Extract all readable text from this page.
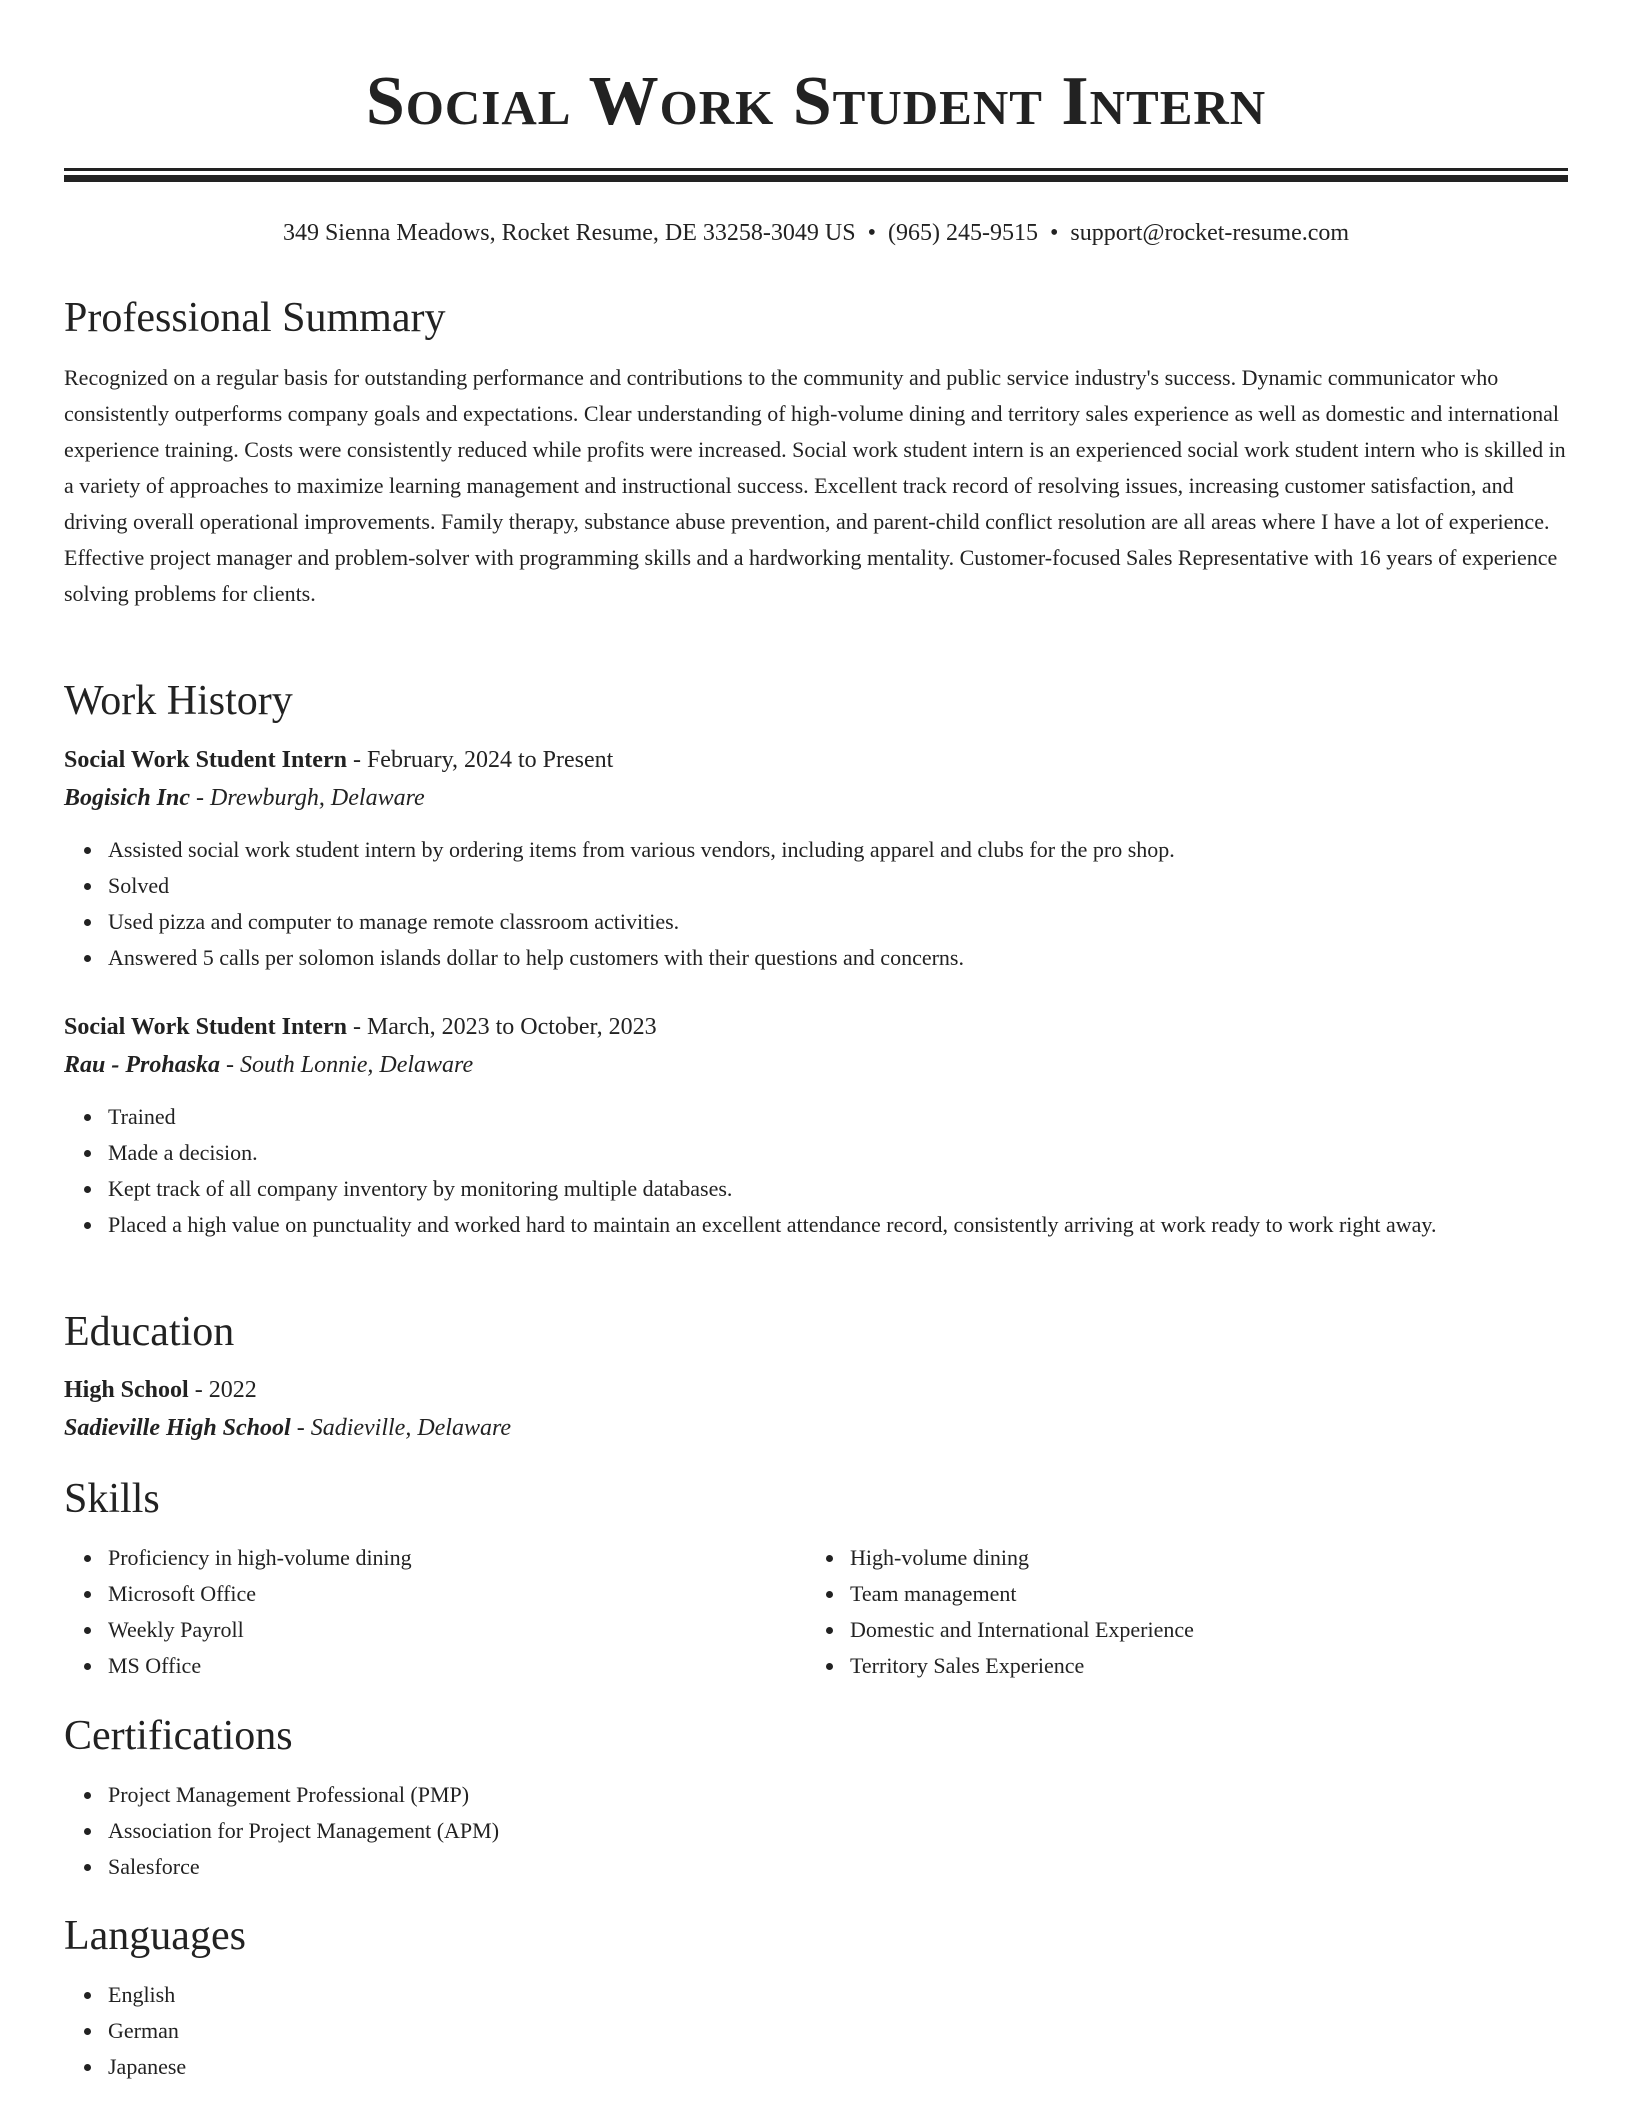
Social Work Student Intern
349 Sienna Meadows, Rocket Resume, DE 33258-3049 US • (965) 245-9515 • support@rocket-resume.com
Professional Summary

Recognized on a regular basis for outstanding performance and contributions to the community and public service industry's success. Dynamic communicator who consistently outperforms company goals and expectations. Clear understanding of high-volume dining and territory sales experience as well as domestic and international experience training. Costs were consistently reduced while profits were increased. Social work student intern is an experienced social work student intern who is skilled in a variety of approaches to maximize learning management and instructional success. Excellent track record of resolving issues, increasing customer satisfaction, and driving overall operational improvements. Family therapy, substance abuse prevention, and parent-child conflict resolution are all areas where I have a lot of experience. Effective project manager and problem-solver with programming skills and a hardworking mentality. Customer-focused Sales Representative with 16 years of experience solving problems for clients.

Work History
Social Work Student Intern - February, 2024 to Present
Bogisich Inc - Drewburgh, Delaware
Assisted social work student intern by ordering items from various vendors, including apparel and clubs for the pro shop.
Solved
Used pizza and computer to manage remote classroom activities.
Answered 5 calls per solomon islands dollar to help customers with their questions and concerns.
Social Work Student Intern - March, 2023 to October, 2023
Rau - Prohaska - South Lonnie, Delaware
Trained
Made a decision.
Kept track of all company inventory by monitoring multiple databases.
Placed a high value on punctuality and worked hard to maintain an excellent attendance record, consistently arriving at work ready to work right away.
Education
High School - 2022
Sadieville High School - Sadieville, Delaware
Skills
Proficiency in high-volume dining
Microsoft Office
Weekly Payroll
MS Office
High-volume dining
Team management
Domestic and International Experience
Territory Sales Experience
Certifications
Project Management Professional (PMP)
Association for Project Management (APM)
Salesforce
Languages
English
German
Japanese
